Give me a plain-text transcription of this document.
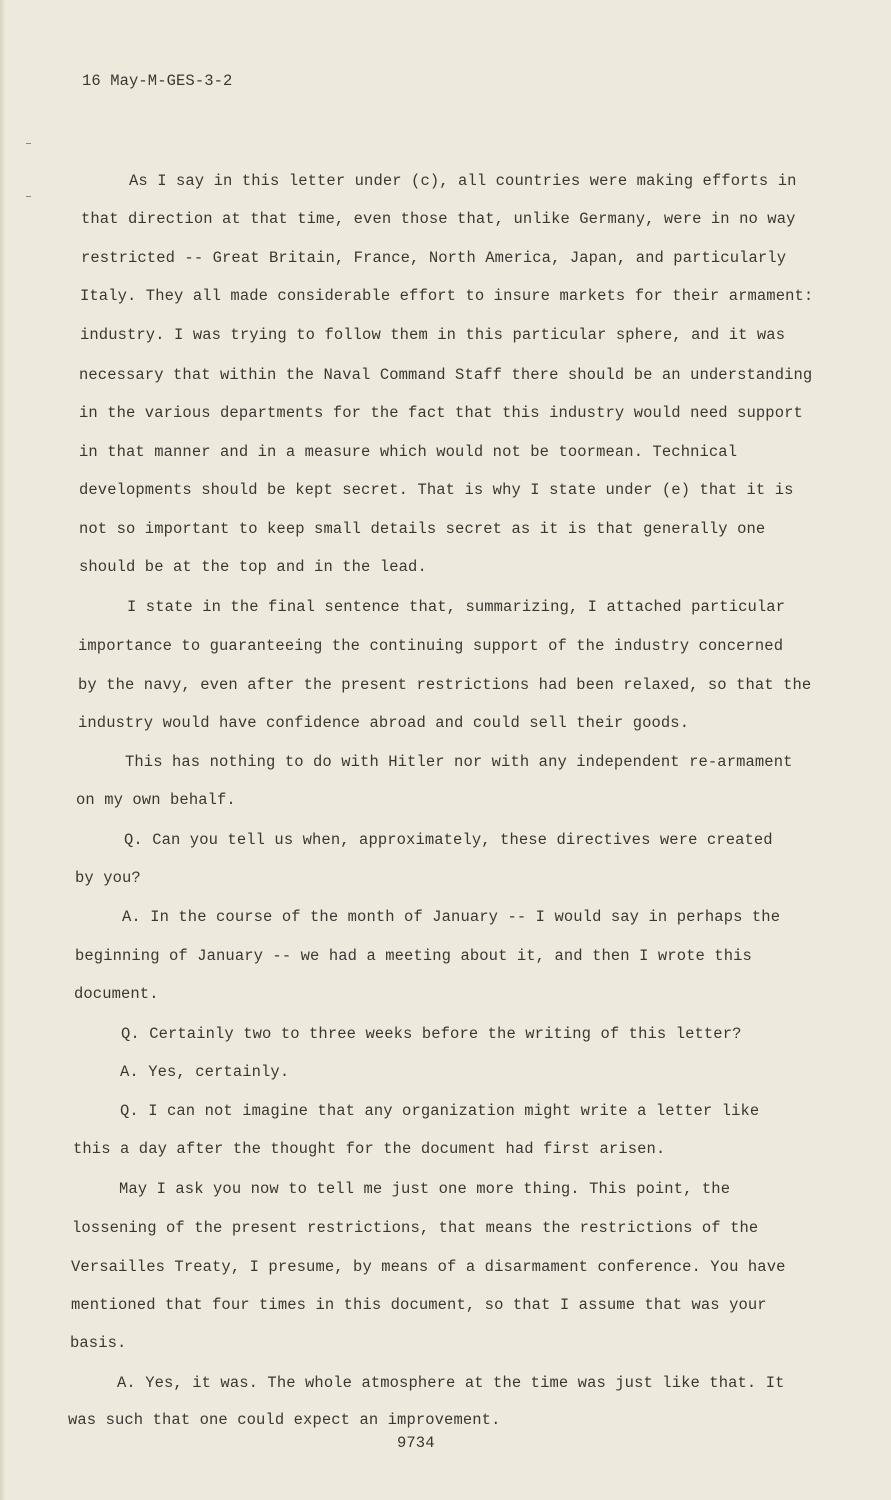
16 May-M-GES-3-2
As I say in this letter under (c), all countries were making efforts in
that direction at that time, even those that, unlike Germany, were in no way
restricted -- Great Britain, France, North America, Japan, and particularly
Italy. They all made considerable effort to insure markets for their armament:
industry. I was trying to follow them in this particular sphere, and it was
necessary that within the Naval Command Staff there should be an understanding
in the various departments for the fact that this industry would need support
in that manner and in a measure which would not be toormean. Technical
developments should be kept secret. That is why I state under (e) that it is
not so important to keep small details secret as it is that generally one
should be at the top and in the lead.
I state in the final sentence that, summarizing, I attached particular
importance to guaranteeing the continuing support of the industry concerned
by the navy, even after the present restrictions had been relaxed, so that the
industry would have confidence abroad and could sell their goods.
This has nothing to do with Hitler nor with any independent re-armament
on my own behalf.
Q. Can you tell us when, approximately, these directives were created
by you?
A. In the course of the month of January -- I would say in perhaps the
beginning of January -- we had a meeting about it, and then I wrote this
document.
Q. Certainly two to three weeks before the writing of this letter?
A. Yes, certainly.
Q. I can not imagine that any organization might write a letter like
this a day after the thought for the document had first arisen.
May I ask you now to tell me just one more thing. This point, the
lossening of the present restrictions, that means the restrictions of the
Versailles Treaty, I presume, by means of a disarmament conference. You have
mentioned that four times in this document, so that I assume that was your
basis.
A. Yes, it was. The whole atmosphere at the time was just like that. It
was such that one could expect an improvement.
9734
